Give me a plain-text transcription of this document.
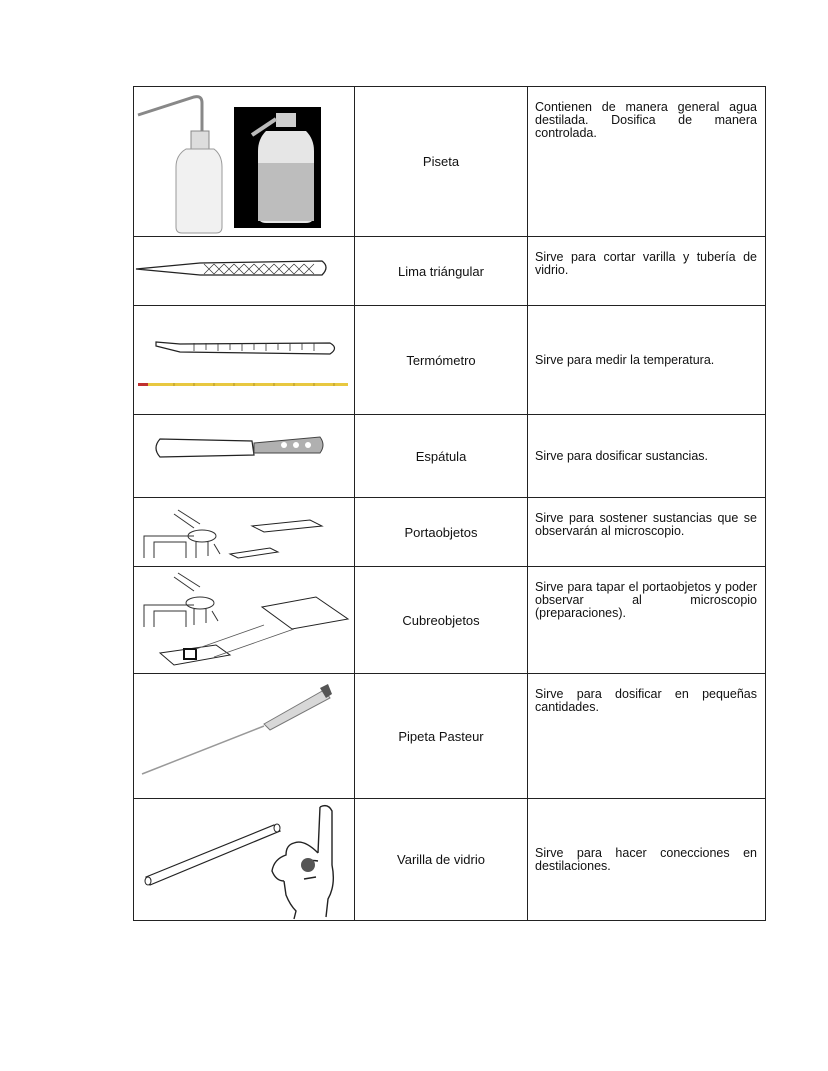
	Piseta	Contienen de manera general agua destilada. Dosifica de manera controlada.

	Lima triángular	Sirve para cortar varilla y tubería de vidrio.

	Termómetro	Sirve para medir la temperatura.

	Espátula	Sirve para dosificar sustancias.

	Portaobjetos	Sirve para sostener sustancias que se observarán al microscopio.

	Cubreobjetos	Sirve para tapar el portaobjetos y poder observar al microscopio (preparaciones).

	Pipeta Pasteur	Sirve para dosificar en pequeñas cantidades.

	Varilla de vidrio	Sirve para hacer conecciones en destilaciones.
